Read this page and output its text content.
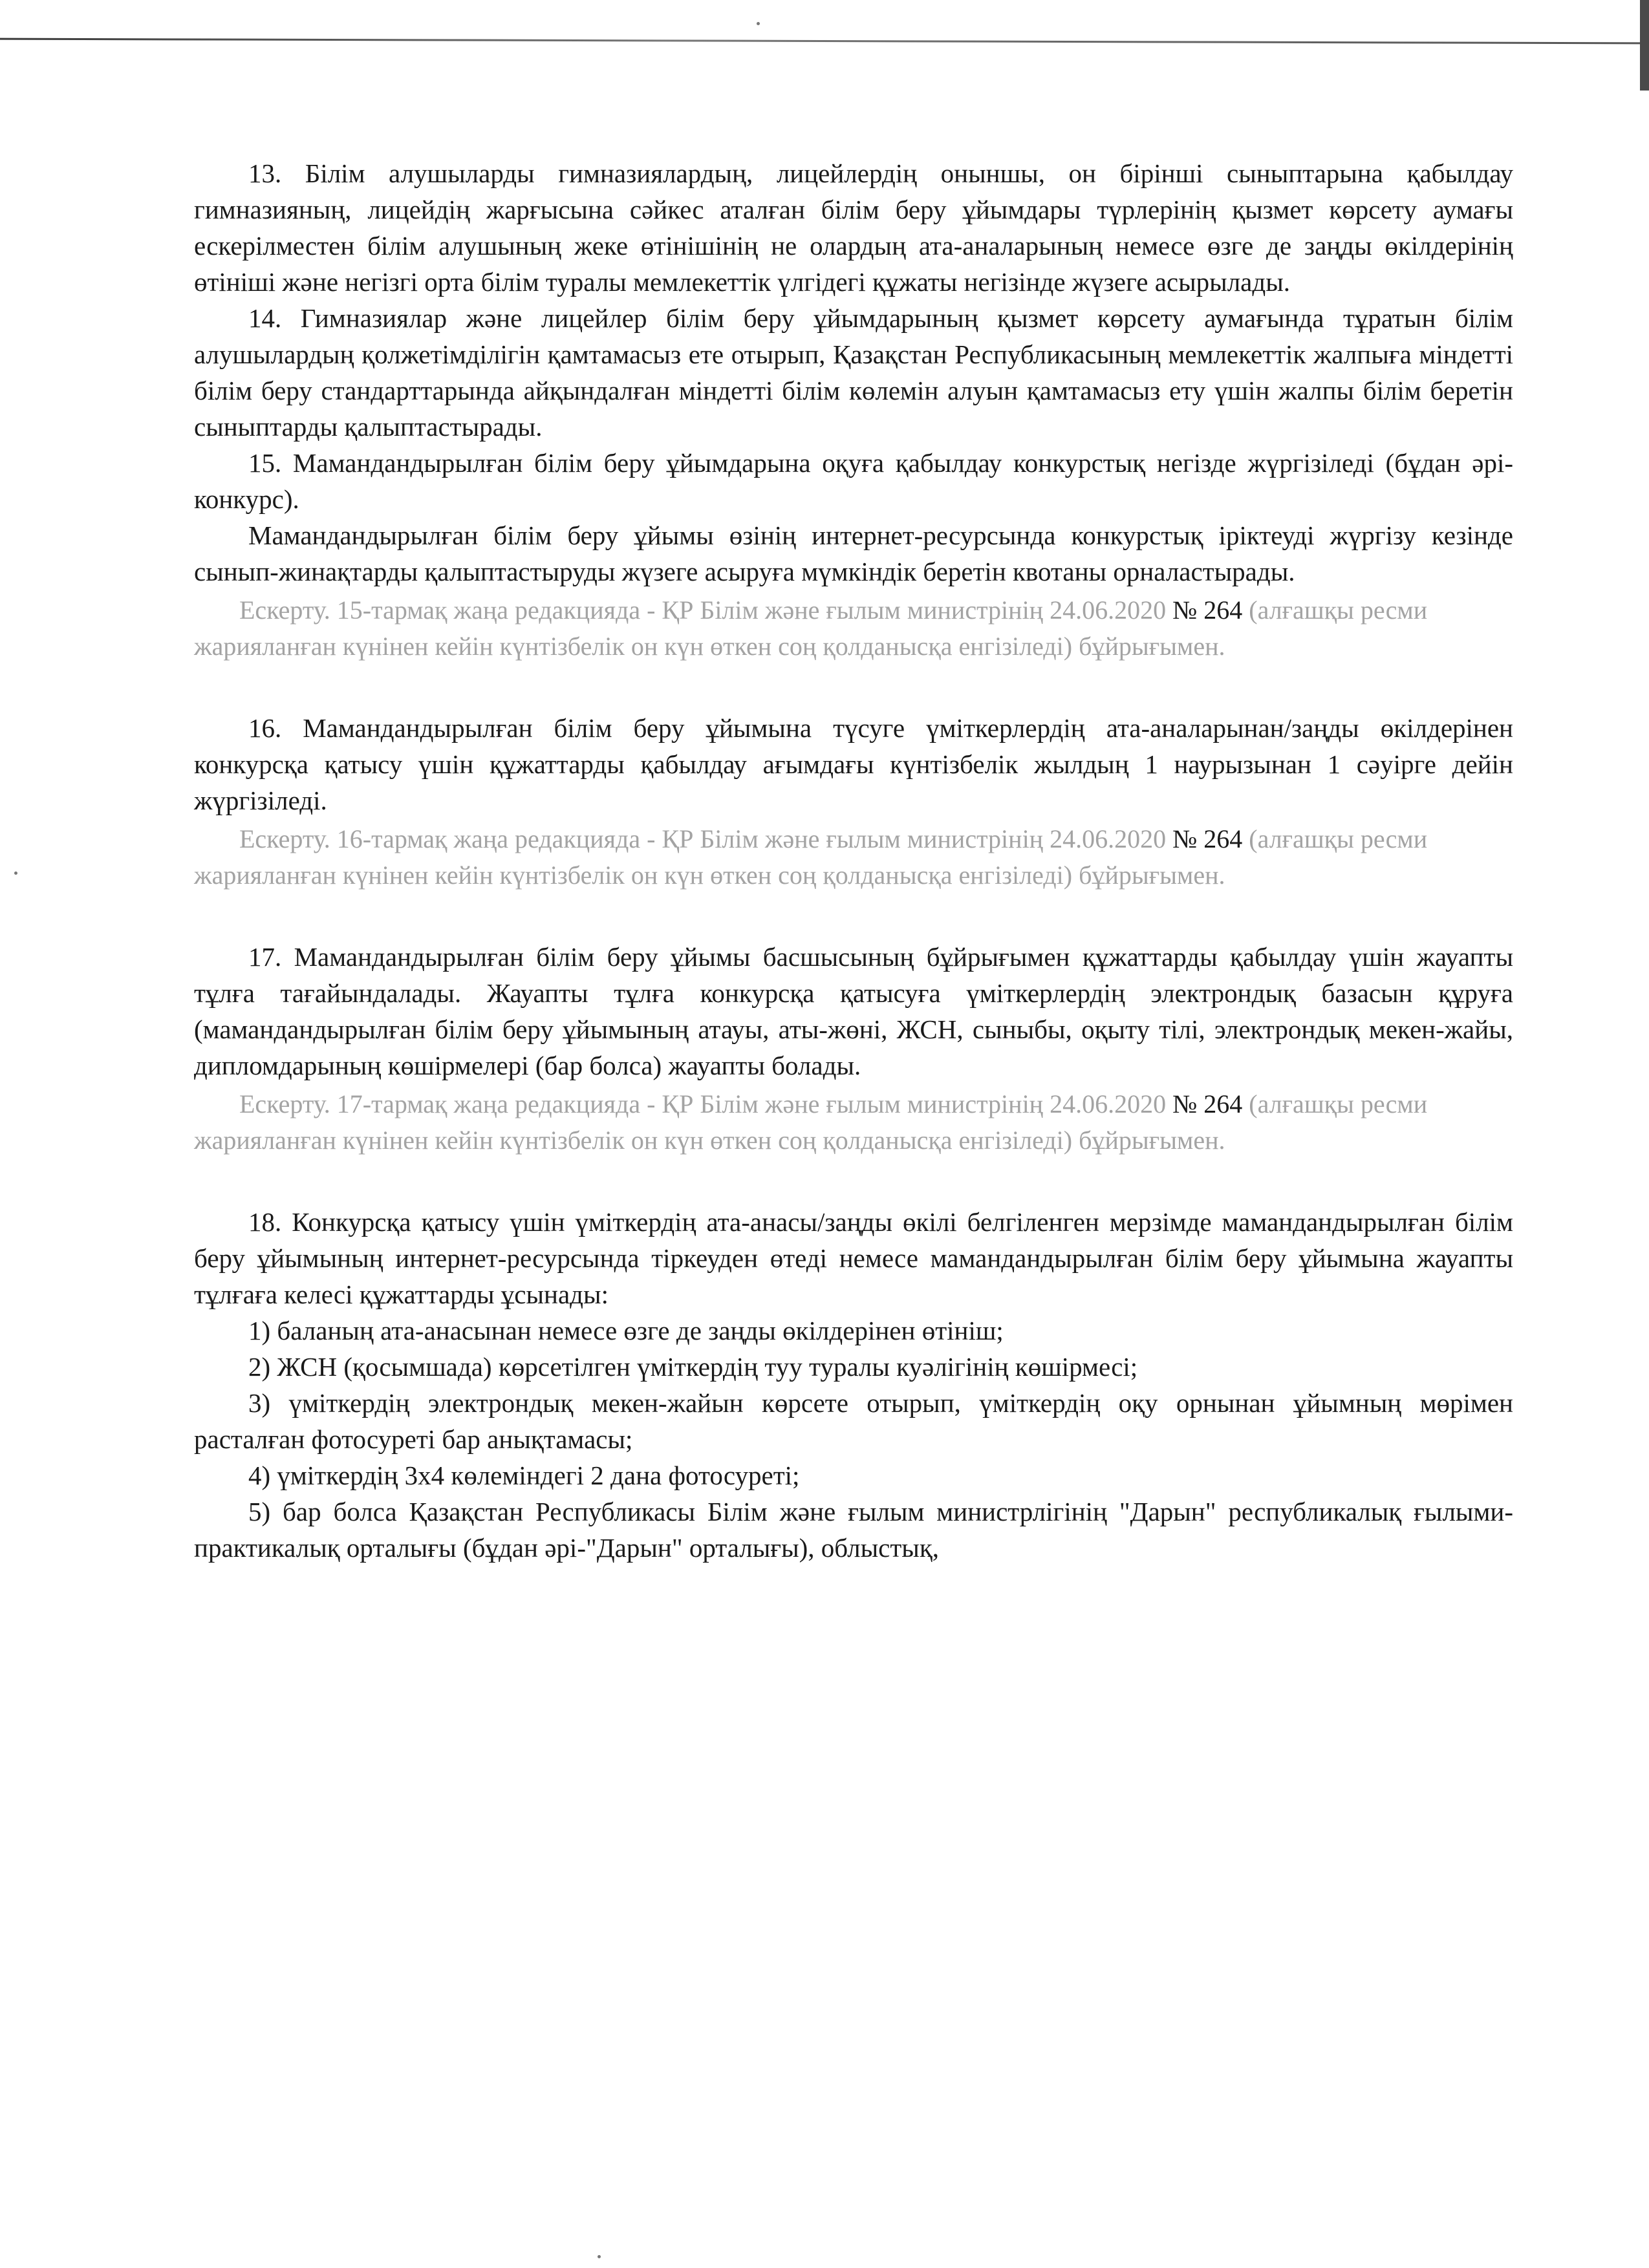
13. Білім алушыларды гимназиялардың, лицейлердің оныншы, он бірінші сыныптарына қабылдау гимназияның, лицейдің жарғысына сәйкес аталған білім беру ұйымдары түрлерінің қызмет көрсету аумағы ескерілместен білім алушының жеке өтінішінің не олардың ата-аналарының немесе өзге де заңды өкілдерінің өтініші және негізгі орта білім туралы мемлекеттік үлгідегі құжаты негізінде жүзеге асырылады.

14. Гимназиялар және лицейлер білім беру ұйымдарының қызмет көрсету аумағында тұратын білім алушылардың қолжетімділігін қамтамасыз ете отырып, Қазақстан Республикасының мемлекеттік жалпыға міндетті білім беру стандарттарында айқындалған міндетті білім көлемін алуын қамтамасыз ету үшін жалпы білім беретін сыныптарды қалыптастырады.

15. Мамандандырылған білім беру ұйымдарына оқуға қабылдау конкурстық негізде жүргізіледі (бұдан әрі-конкурс).

Мамандандырылған білім беру ұйымы өзінің интернет-ресурсында конкурстық іріктеуді жүргізу кезінде сынып-жинақтарды қалыптастыруды жүзеге асыруға мүмкіндік беретін квотаны орналастырады.

Ескерту. 15-тармақ жаңа редакцияда - ҚР Білім және ғылым министрінің 24.06.2020 № 264 (алғашқы ресми жарияланған күнінен кейін күнтізбелік он күн өткен соң қолданысқа енгізіледі) бұйрығымен.

16. Мамандандырылған білім беру ұйымына түсуге үміткерлердің ата-аналарынан/заңды өкілдерінен конкурсқа қатысу үшін құжаттарды қабылдау ағымдағы күнтізбелік жылдың 1 наурызынан 1 сәуірге дейін жүргізіледі.

Ескерту. 16-тармақ жаңа редакцияда - ҚР Білім және ғылым министрінің 24.06.2020 № 264 (алғашқы ресми жарияланған күнінен кейін күнтізбелік он күн өткен соң қолданысқа енгізіледі) бұйрығымен.

17. Мамандандырылған білім беру ұйымы басшысының бұйрығымен құжаттарды қабылдау үшін жауапты тұлға тағайындалады. Жауапты тұлға конкурсқа қатысуға үміткерлердің электрондық базасын құруға (мамандандырылған білім беру ұйымының атауы, аты-жөні, ЖСН, сыныбы, оқыту тілі, электрондық мекен-жайы, дипломдарының көшірмелері (бар болса) жауапты болады.

Ескерту. 17-тармақ жаңа редакцияда - ҚР Білім және ғылым министрінің 24.06.2020 № 264 (алғашқы ресми жарияланған күнінен кейін күнтізбелік он күн өткен соң қолданысқа енгізіледі) бұйрығымен.

18. Конкурсқа қатысу үшін үміткердің ата-анасы/заңды өкілі белгіленген мерзімде мамандандырылған білім беру ұйымының интернет-ресурсында тіркеуден өтеді немесе мамандандырылған білім беру ұйымына жауапты тұлғаға келесі құжаттарды ұсынады:

1) баланың ата-анасынан немесе өзге де заңды өкілдерінен өтініш;

2) ЖСН (қосымшада) көрсетілген үміткердің туу туралы куәлігінің көшірмесі;

3) үміткердің электрондық мекен-жайын көрсете отырып, үміткердің оқу орнынан ұйымның мөрімен расталған фотосуреті бар анықтамасы;

4) үміткердің 3х4 көлеміндегі 2 дана фотосуреті;

5) бар болса Қазақстан Республикасы Білім және ғылым министрлігінің "Дарын" республикалық ғылыми-практикалық орталығы (бұдан әрі-"Дарын" орталығы), облыстық,
